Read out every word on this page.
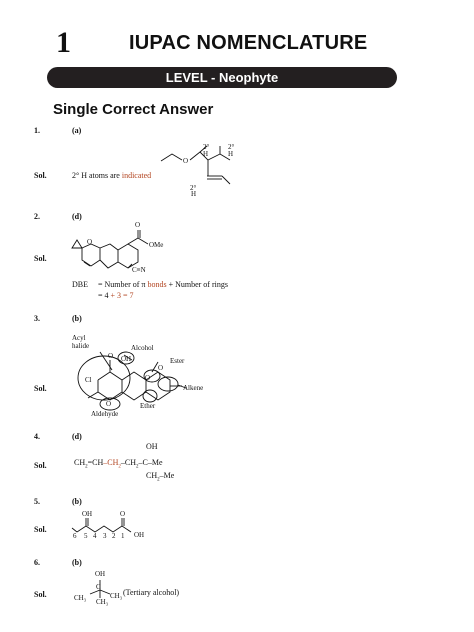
1	IUPAC NOMENCLATURE
LEVEL - Neophyte
Single Correct Answer
1.	(a)
2.	(d)
3.	(b)
4.	(d)
5.	(b)
6.	(b)
Sol.
Sol.
Sol.
Sol.
Sol.
Sol.
2° H atoms are indicated
DBE = Number of π bonds + Number of rings
= 4 + 3 = 7
$CH_2=CH-CH_2-CH_2-C-Me$
OH
$CH_2-Me$
(Tertiary alcohol)
O
2°
H
2°
H
2°
H
O
O
OMe
C≡N
Acyl
halide	Alcohol
OH	Ester
Alkene
Ether
Aldehyde
Cl
O
O
O
O
OH	O
OH
6 5 4 3 2 1
OH
C
CH₃ CH₃
CH₃
